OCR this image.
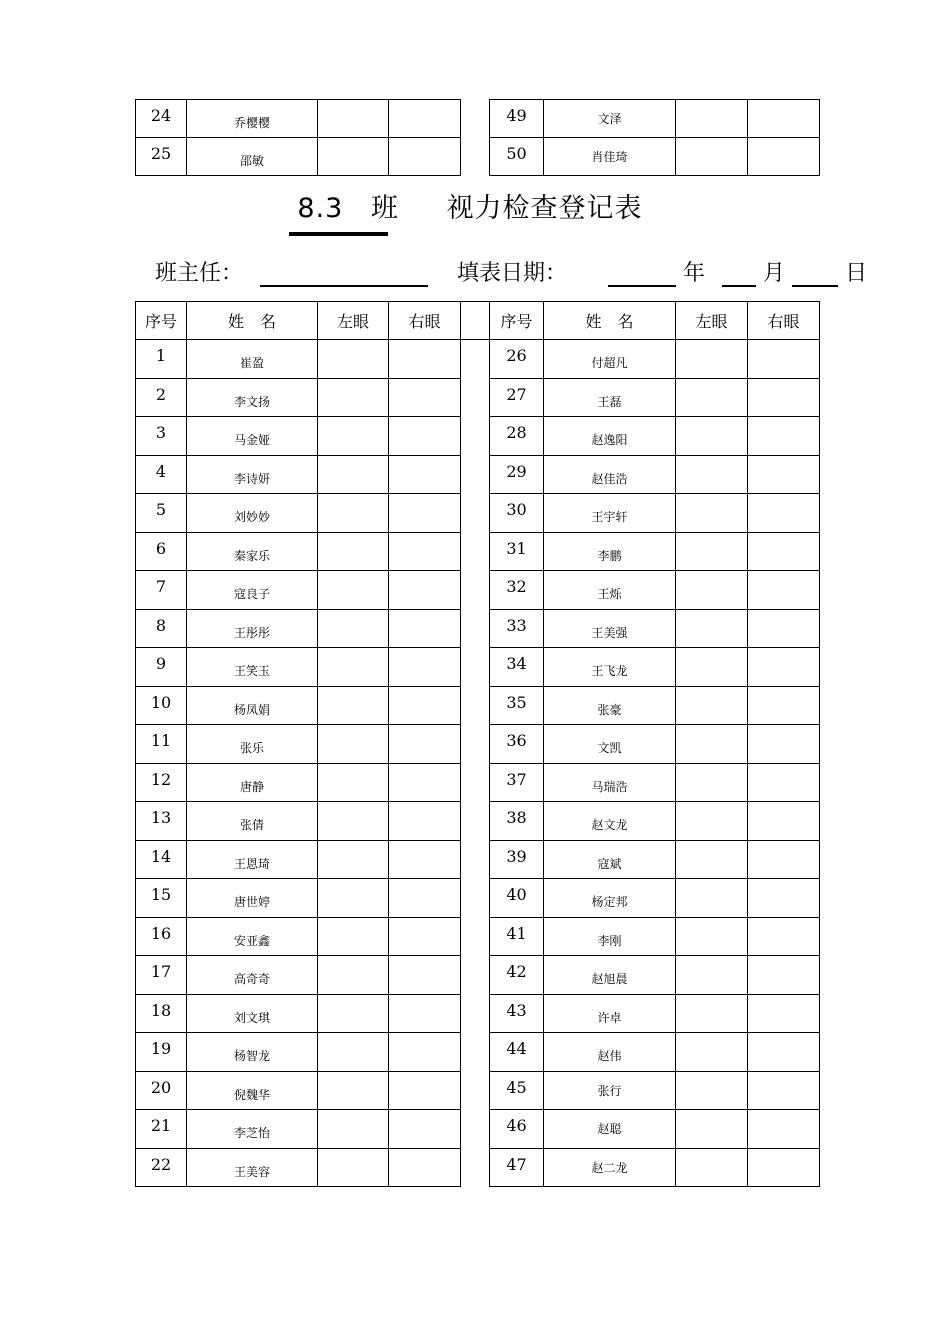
24	乔樱樱				49	文泽		
25	邵敏				50	肖佳琦		
8.3 班 视力检查登记表
班主任：	填表日期：	年	月	日
序号	姓　名	左眼	右眼		序号	姓　名	左眼	右眼
1	崔盈				26	付超凡		
2	李文扬				27	王磊		
3	马金娅				28	赵逸阳		
4	李诗妍				29	赵佳浩		
5	刘妙妙				30	王宇轩		
6	秦家乐				31	李鹏		
7	寇良子				32	王烁		
8	王彤彤				33	王美强		
9	王笑玉				34	王飞龙		
10	杨凤娟				35	张豪		
11	张乐				36	文凯		
12	唐静				37	马瑞浩		
13	张倩				38	赵文龙		
14	王恩琦				39	寇斌		
15	唐世婷				40	杨定邦		
16	安亚鑫				41	李刚		
17	高奇奇				42	赵旭晨		
18	刘文琪				43	许卓		
19	杨智龙				44	赵伟		
20	倪魏华				45	张行		
21	李芝怡				46	赵聪		
22	王美容				47	赵二龙		
